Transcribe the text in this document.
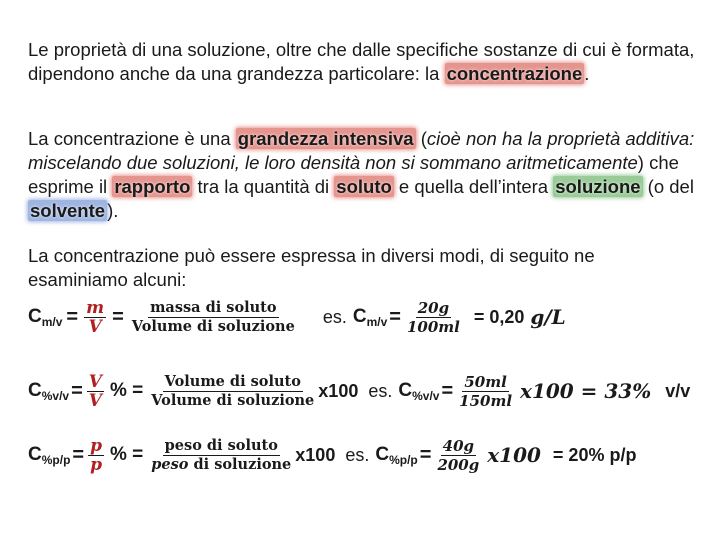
Le proprietà di una soluzione, oltre che dalle specifiche sostanze di cui è formata, dipendono anche da una grandezza particolare: la concentrazione .
La concentrazione è una grandezza intensiva (cioè non ha la proprietà additiva: miscelando due soluzioni, le loro densità non si sommano aritmeticamente) che esprime il rapporto tra la quantità di soluto e quella dell’intera soluzione (o del solvente ).
La concentrazione può essere espressa in diversi modi, di seguito ne esaminiamo alcuni:
C $m/v = \frac{m}{V} = \frac{\text{massa di soluto}}{\text{Volume di soluzione}}$ es. C $m/v = \frac{20g}{100ml} = 0,20$ g/L
C $\%v/v = \frac{V}{V}$ % = $\frac{\text{Volume di soluto}}{\text{Volume di soluzione}} x100$ es. C $\%v/v = \frac{50ml}{150ml} x100 = 33\%$ v/v
C $\%p/p = \frac{p}{p}$ % = $\frac{\text{peso di soluto}}{\text{peso di soluzione}} x100$ es. C $\%p/p = \frac{40g}{200g} x100 = 20\%$ p/p
